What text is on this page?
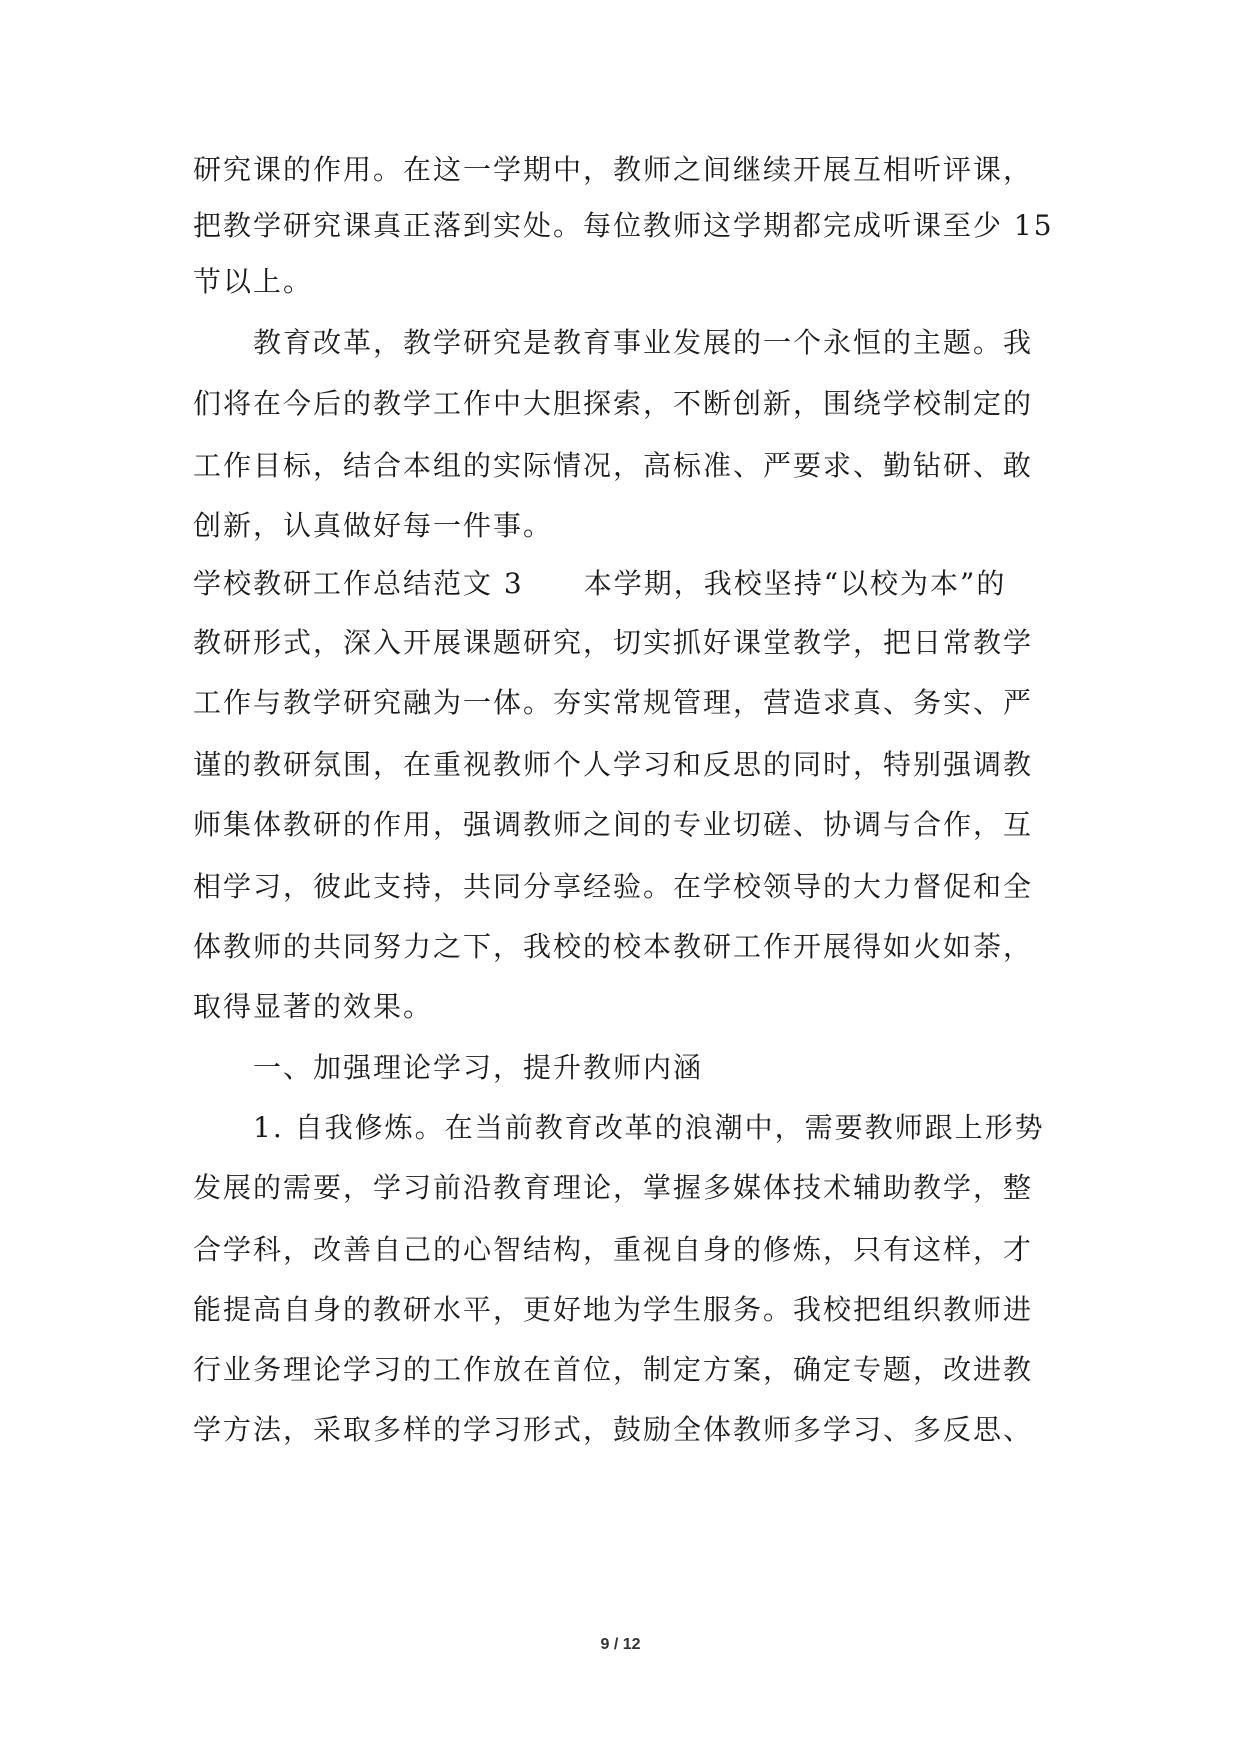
研究课的作用。在这一学期中，教师之间继续开展互相听评课，
把教学研究课真正落到实处。每位教师这学期都完成听课至少 15
节以上。
教育改革，教学研究是教育事业发展的一个永恒的主题。我
们将在今后的教学工作中大胆探索，不断创新，围绕学校制定的
工作目标，结合本组的实际情况，高标准、严要求、勤钻研、敢
创新，认真做好每一件事。
学校教研工作总结范文 3　　本学期，我校坚持“以校为本”的
教研形式，深入开展课题研究，切实抓好课堂教学，把日常教学
工作与教学研究融为一体。夯实常规管理，营造求真、务实、严
谨的教研氛围，在重视教师个人学习和反思的同时，特别强调教
师集体教研的作用，强调教师之间的专业切磋、协调与合作，互
相学习，彼此支持，共同分享经验。在学校领导的大力督促和全
体教师的共同努力之下，我校的校本教研工作开展得如火如荼，
取得显著的效果。
一、加强理论学习，提升教师内涵
1. 自我修炼。在当前教育改革的浪潮中，需要教师跟上形势
发展的需要，学习前沿教育理论，掌握多媒体技术辅助教学，整
合学科，改善自己的心智结构，重视自身的修炼，只有这样，才
能提高自身的教研水平，更好地为学生服务。我校把组织教师进
行业务理论学习的工作放在首位，制定方案，确定专题，改进教
学方法，采取多样的学习形式，鼓励全体教师多学习、多反思、
9 / 12
